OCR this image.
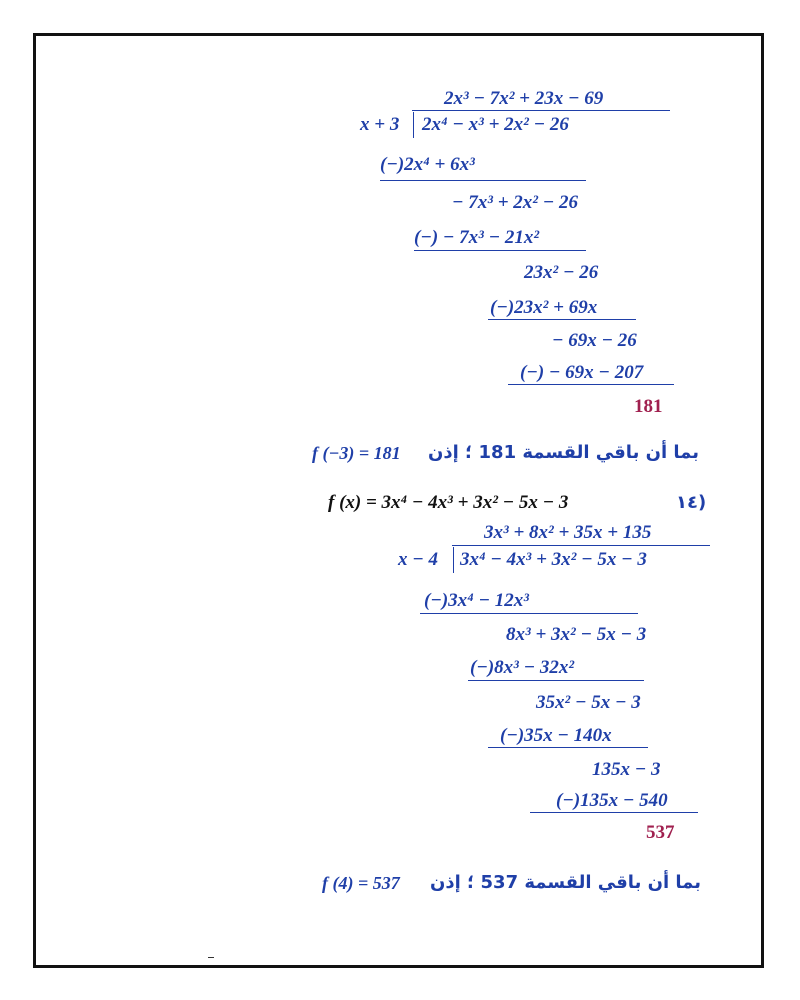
2x³ − 7x² + 23x − 69
x + 3 2x⁴ − x³ + 2x² − 26
(−)2x⁴ + 6x³
− 7x³ + 2x² − 26
(−) − 7x³ − 21x²
23x² − 26
(−)23x² + 69x
− 69x − 26
(−) − 69x − 207
181
بما أن باقي القسمة 181 ؛ إذن
f (−3) = 181
f (x) = 3x⁴ − 4x³ + 3x² − 5x − 3	١٤)
3x³ + 8x² + 35x + 135
x − 4 3x⁴ − 4x³ + 3x² − 5x − 3
(−)3x⁴ − 12x³
8x³ + 3x² − 5x − 3
(−)8x³ − 32x²
35x² − 5x − 3
(−)35x − 140x
135x − 3
(−)135x − 540
537
بما أن باقي القسمة 537 ؛ إذن
f (4) = 537
